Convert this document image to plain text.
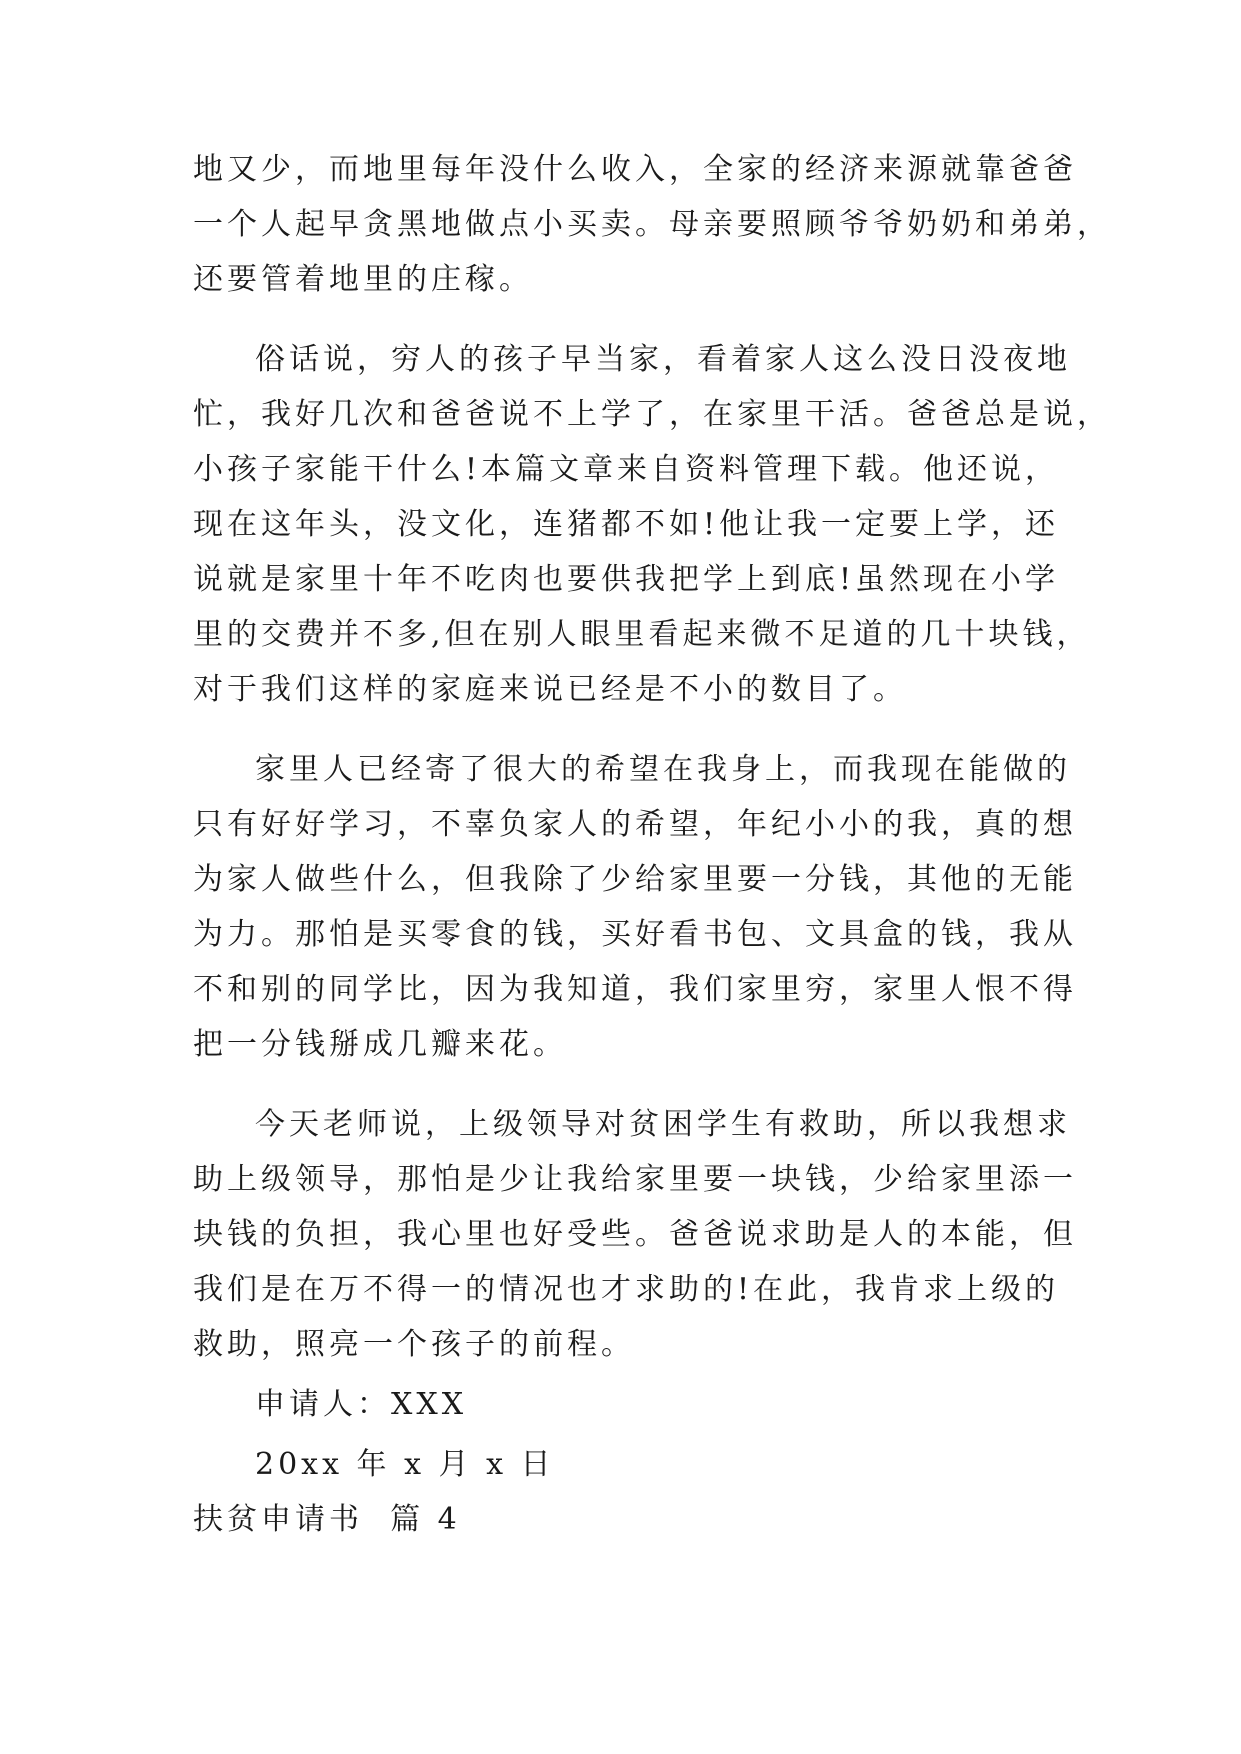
地又少，而地里每年没什么收入，全家的经济来源就靠爸爸
一个人起早贪黑地做点小买卖。母亲要照顾爷爷奶奶和弟弟，
还要管着地里的庄稼。
俗话说，穷人的孩子早当家，看着家人这么没日没夜地
忙，我好几次和爸爸说不上学了，在家里干活。爸爸总是说，
小孩子家能干什么!本篇文章来自资料管理下载。他还说，
现在这年头，没文化，连猪都不如!他让我一定要上学，还
说就是家里十年不吃肉也要供我把学上到底!虽然现在小学
里的交费并不多,但在别人眼里看起来微不足道的几十块钱，
对于我们这样的家庭来说已经是不小的数目了。
家里人已经寄了很大的希望在我身上，而我现在能做的
只有好好学习，不辜负家人的希望，年纪小小的我，真的想
为家人做些什么，但我除了少给家里要一分钱，其他的无能
为力。那怕是买零食的钱，买好看书包、文具盒的钱，我从
不和别的同学比，因为我知道，我们家里穷，家里人恨不得
把一分钱掰成几瓣来花。
今天老师说，上级领导对贫困学生有救助，所以我想求
助上级领导，那怕是少让我给家里要一块钱，少给家里添一
块钱的负担，我心里也好受些。爸爸说求助是人的本能，但
我们是在万不得一的情况也才求助的!在此，我肯求上级的
救助，照亮一个孩子的前程。
申请人：XXX
20xx 年 x 月 x 日
扶贫申请书  篇 4
